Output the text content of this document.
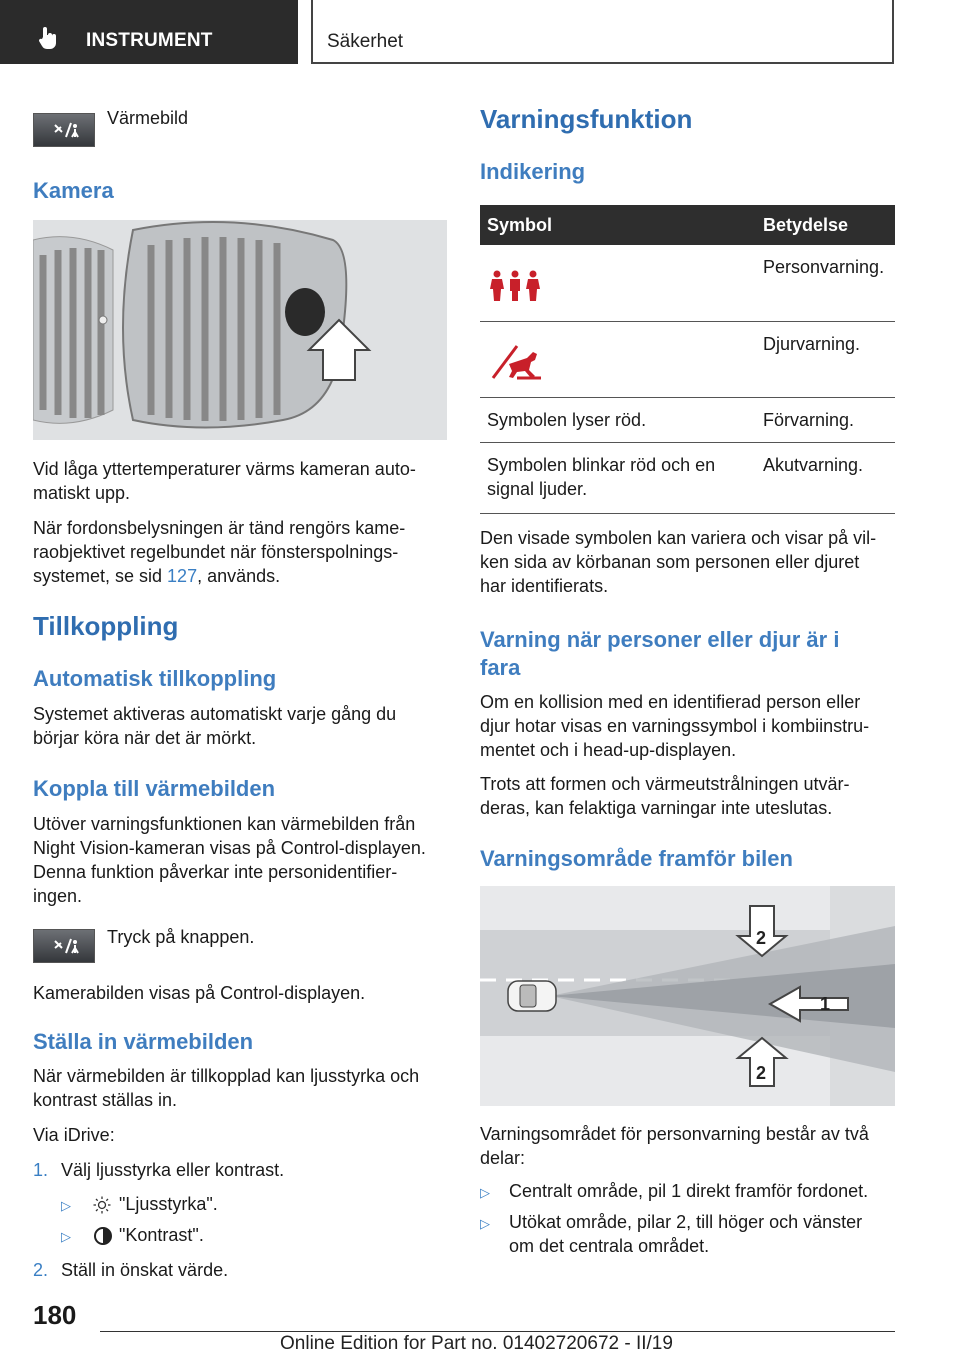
INSTRUMENT	Säkerhet

Värmebild

Kamera

Vid låga yttertemperaturer värms kameran auto-
matiskt upp.

När fordonsbelysningen är tänd rengörs kame-
raobjektivet regelbundet när fönsterspolnings-
systemet, se sid 127, används.

Tillkoppling
Automatisk tillkoppling

Systemet aktiveras automatiskt varje gång du
börjar köra när det är mörkt.

Koppla till värmebilden

Utöver varningsfunktionen kan värmebilden från
Night Vision-kameran visas på Control-displayen.
Denna funktion påverkar inte personidentifier-
ingen.

Tryck på knappen.

Kamerabilden visas på Control-displayen.

Ställa in värmebilden

När värmebilden är tillkopplad kan ljusstyrka och
kontrast ställas in.

Via iDrive:

1. Välj ljusstyrka eller kontrast.

▷	"Ljusstyrka".

▷	"Kontrast".

2. Ställ in önskat värde.

Varningsfunktion
Indikering
Symbol	Betydelse
	Personvarning.
	Djurvarning.
Symbolen lyser röd.	Förvarning.
Symbolen blinkar röd och en
signal ljuder.	Akutvarning.

Den visade symbolen kan variera och visar på vil-
ken sida av körbanan som personen eller djuret
har identifierats.

Varning när personer eller djur är i
fara

Om en kollision med en identifierad person eller
djur hotar visas en varningssymbol i kombiinstru-
mentet och i head-up-displayen.

Trots att formen och värmeutstrålningen utvär-
deras, kan felaktiga varningar inte uteslutas.

Varningsområde framför bilen
1
2
2

Varningsområdet för personvarning består av två
delar:

▷ Centralt område, pil 1 direkt framför fordonet.

▷ Utökat område, pilar 2, till höger och vänster
om det centrala området.

180
Online Edition for Part no. 01402720672 - II/19
